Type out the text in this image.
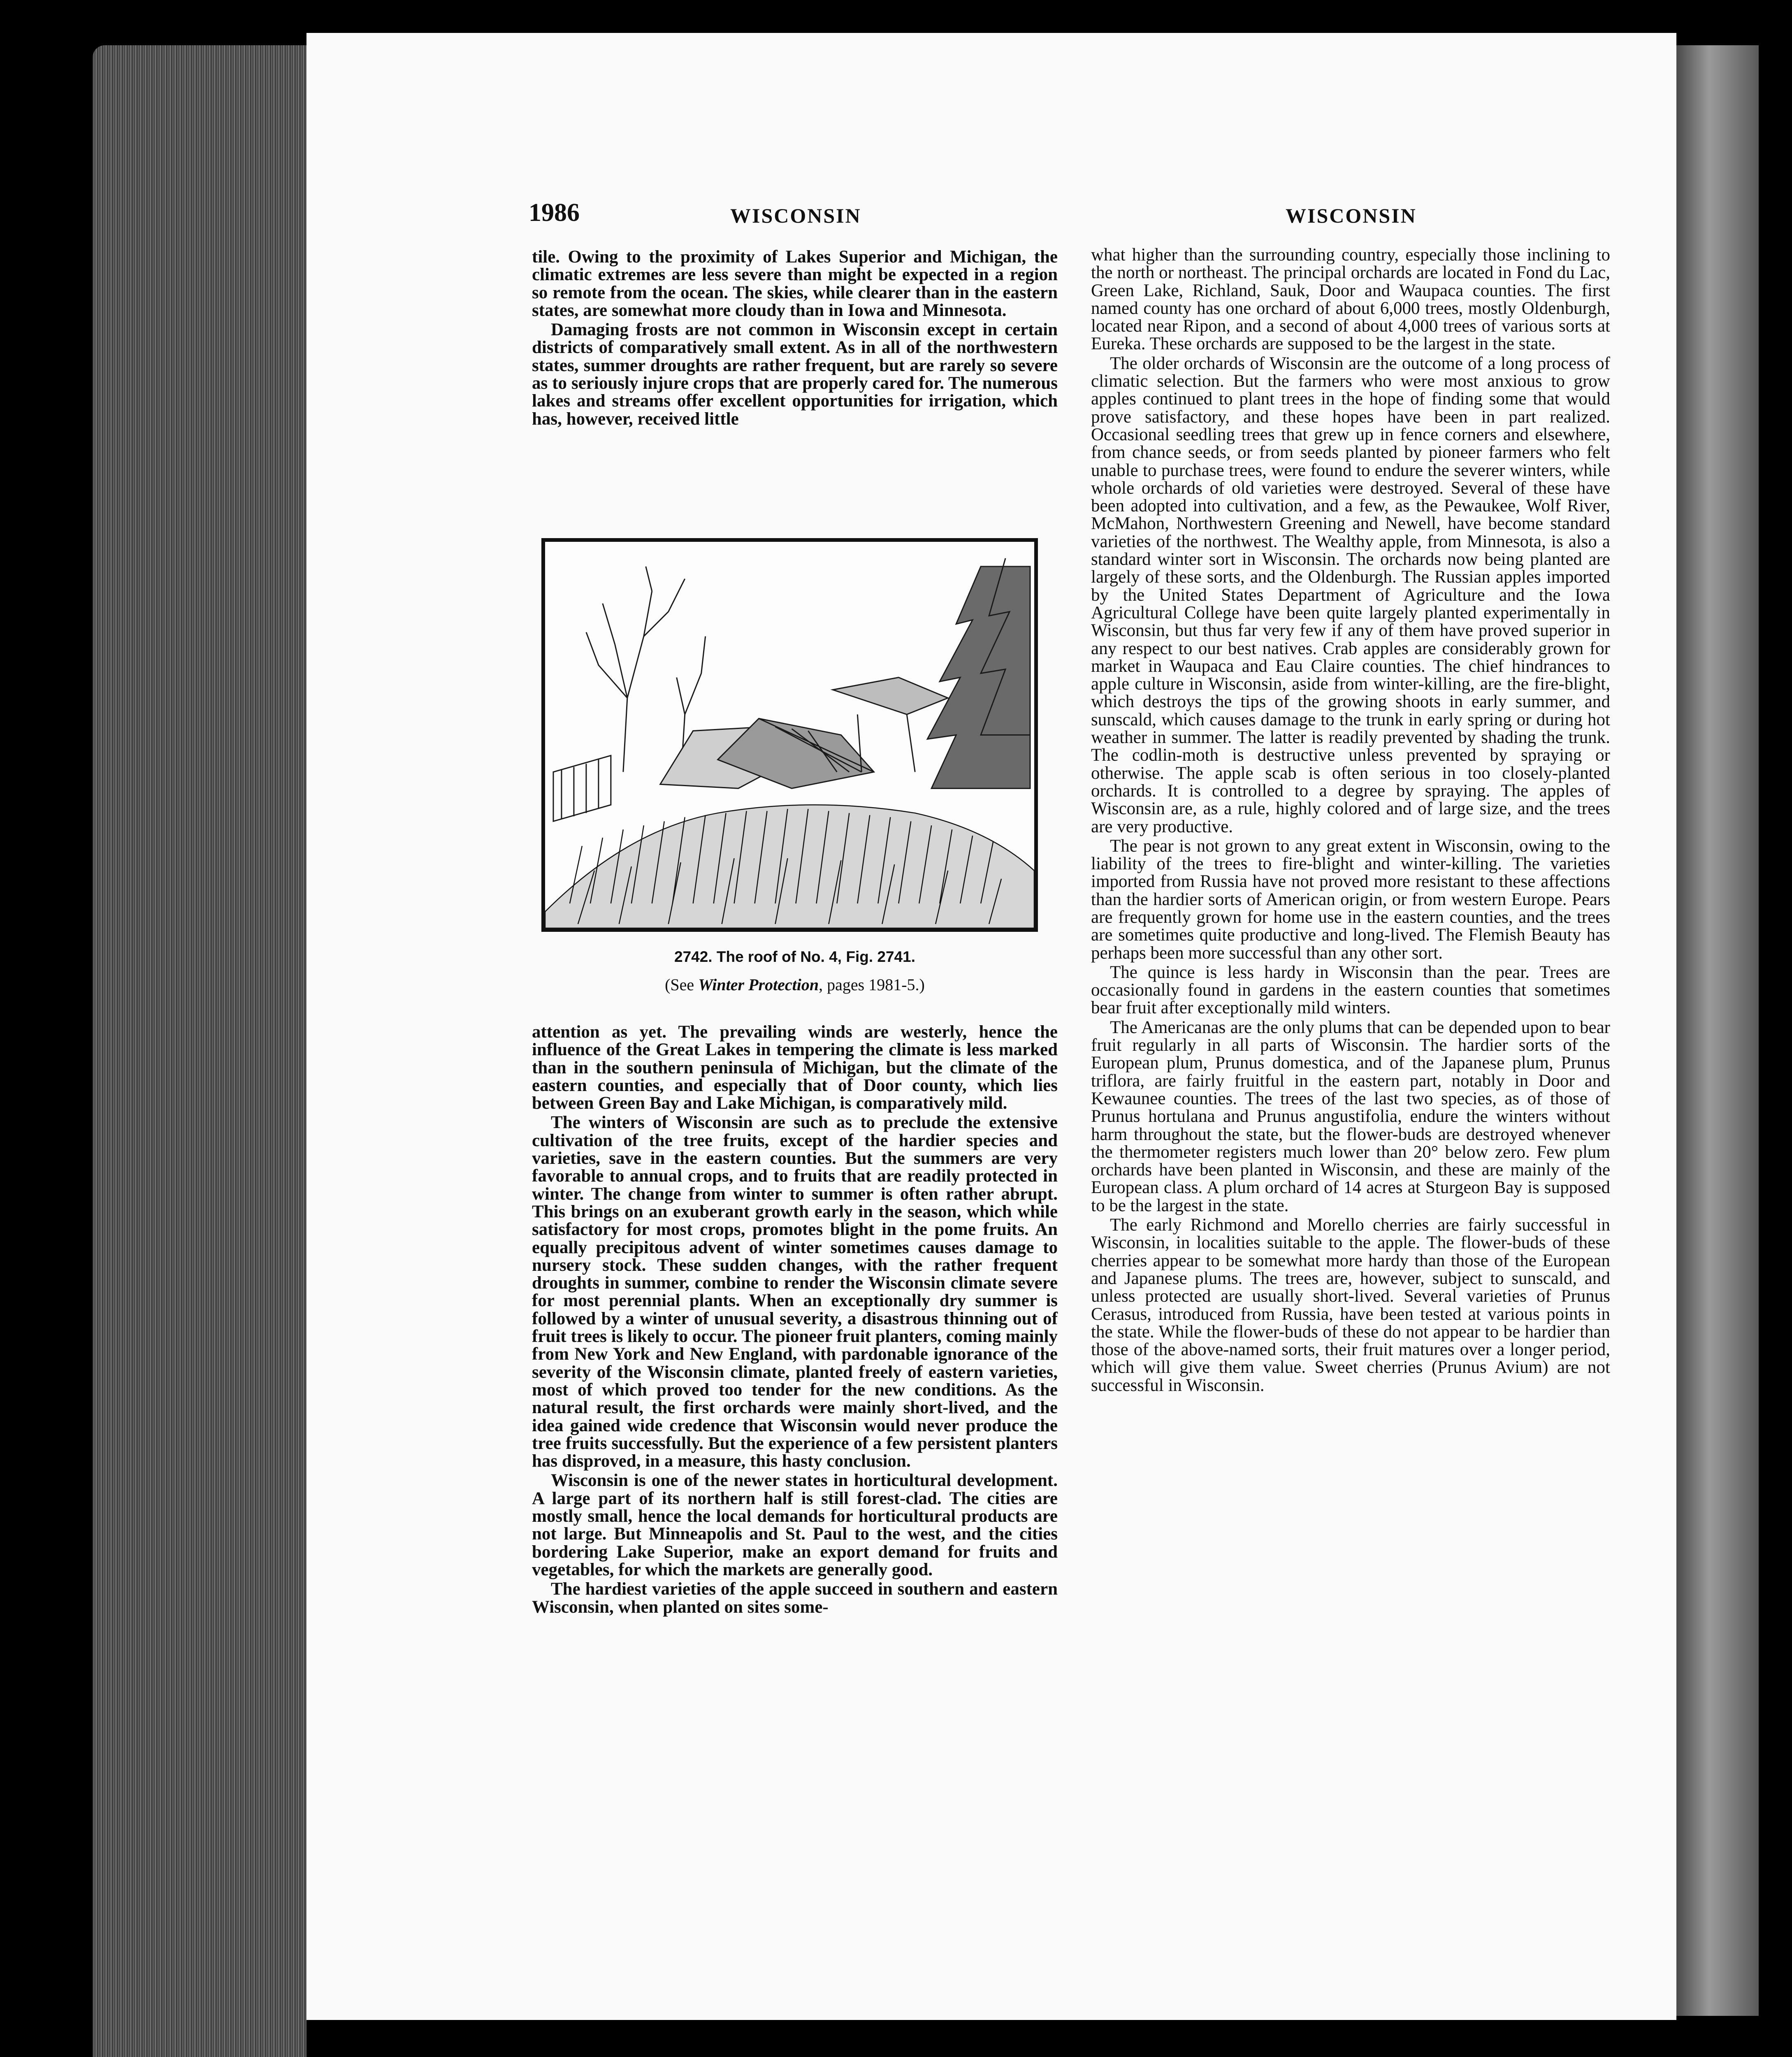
1986	WISCONSIN	WISCONSIN

tile. Owing to the proximity of Lakes Superior and Michigan, the climatic extremes are less severe than might be expected in a region so remote from the ocean. The skies, while clearer than in the eastern states, are somewhat more cloudy than in Iowa and Minnesota.

Damaging frosts are not common in Wisconsin except in certain districts of comparatively small extent. As in all of the northwestern states, summer droughts are rather frequent, but are rarely so severe as to seriously injure crops that are properly cared for. The numerous lakes and streams offer excellent opportunities for irrigation, which has, however, received little

2742. The roof of No. 4, Fig. 2741.
(See Winter Protection, pages 1981-5.)

attention as yet. The prevailing winds are westerly, hence the influence of the Great Lakes in tempering the climate is less marked than in the southern peninsula of Michigan, but the climate of the eastern counties, and especially that of Door county, which lies between Green Bay and Lake Michigan, is comparatively mild.

The winters of Wisconsin are such as to preclude the extensive cultivation of the tree fruits, except of the hardier species and varieties, save in the eastern counties. But the summers are very favorable to annual crops, and to fruits that are readily protected in winter. The change from winter to summer is often rather abrupt. This brings on an exuberant growth early in the season, which while satisfactory for most crops, promotes blight in the pome fruits. An equally precipitous advent of winter sometimes causes damage to nursery stock. These sudden changes, with the rather frequent droughts in summer, combine to render the Wisconsin climate severe for most perennial plants. When an exceptionally dry summer is followed by a winter of unusual severity, a disastrous thinning out of fruit trees is likely to occur. The pioneer fruit planters, coming mainly from New York and New England, with pardonable ignorance of the severity of the Wisconsin climate, planted freely of eastern varieties, most of which proved too tender for the new conditions. As the natural result, the first orchards were mainly short-lived, and the idea gained wide credence that Wisconsin would never produce the tree fruits successfully. But the experience of a few persistent planters has disproved, in a measure, this hasty conclusion.

Wisconsin is one of the newer states in horticultural development. A large part of its northern half is still forest-clad. The cities are mostly small, hence the local demands for horticultural products are not large. But Minneapolis and St. Paul to the west, and the cities bordering Lake Superior, make an export demand for fruits and vegetables, for which the markets are generally good.

The hardiest varieties of the apple succeed in southern and eastern Wisconsin, when planted on sites some-

what higher than the surrounding country, especially those inclining to the north or northeast. The principal orchards are located in Fond du Lac, Green Lake, Richland, Sauk, Door and Waupaca counties. The first named county has one orchard of about 6,000 trees, mostly Oldenburgh, located near Ripon, and a second of about 4,000 trees of various sorts at Eureka. These orchards are supposed to be the largest in the state.

The older orchards of Wisconsin are the outcome of a long process of climatic selection. But the farmers who were most anxious to grow apples continued to plant trees in the hope of finding some that would prove satisfactory, and these hopes have been in part realized. Occasional seedling trees that grew up in fence corners and elsewhere, from chance seeds, or from seeds planted by pioneer farmers who felt unable to purchase trees, were found to endure the severer winters, while whole orchards of old varieties were destroyed. Several of these have been adopted into cultivation, and a few, as the Pewaukee, Wolf River, McMahon, Northwestern Greening and Newell, have become standard varieties of the northwest. The Wealthy apple, from Minnesota, is also a standard winter sort in Wisconsin. The orchards now being planted are largely of these sorts, and the Oldenburgh. The Russian apples imported by the United States Department of Agriculture and the Iowa Agricultural College have been quite largely planted experimentally in Wisconsin, but thus far very few if any of them have proved superior in any respect to our best natives. Crab apples are considerably grown for market in Waupaca and Eau Claire counties. The chief hindrances to apple culture in Wisconsin, aside from winter-killing, are the fire-blight, which destroys the tips of the growing shoots in early summer, and sunscald, which causes damage to the trunk in early spring or during hot weather in summer. The latter is readily prevented by shading the trunk. The codlin-moth is destructive unless prevented by spraying or otherwise. The apple scab is often serious in too closely-planted orchards. It is controlled to a degree by spraying. The apples of Wisconsin are, as a rule, highly colored and of large size, and the trees are very productive.

The pear is not grown to any great extent in Wisconsin, owing to the liability of the trees to fire-blight and winter-killing. The varieties imported from Russia have not proved more resistant to these affections than the hardier sorts of American origin, or from western Europe. Pears are frequently grown for home use in the eastern counties, and the trees are sometimes quite productive and long-lived. The Flemish Beauty has perhaps been more successful than any other sort.

The quince is less hardy in Wisconsin than the pear. Trees are occasionally found in gardens in the eastern counties that sometimes bear fruit after exceptionally mild winters.

The Americanas are the only plums that can be depended upon to bear fruit regularly in all parts of Wisconsin. The hardier sorts of the European plum, Prunus domestica, and of the Japanese plum, Prunus triflora, are fairly fruitful in the eastern part, notably in Door and Kewaunee counties. The trees of the last two species, as of those of Prunus hortulana and Prunus angustifolia, endure the winters without harm throughout the state, but the flower-buds are destroyed whenever the thermometer registers much lower than 20° below zero. Few plum orchards have been planted in Wisconsin, and these are mainly of the European class. A plum orchard of 14 acres at Sturgeon Bay is supposed to be the largest in the state.

The early Richmond and Morello cherries are fairly successful in Wisconsin, in localities suitable to the apple. The flower-buds of these cherries appear to be somewhat more hardy than those of the European and Japanese plums. The trees are, however, subject to sunscald, and unless protected are usually short-lived. Several varieties of Prunus Cerasus, introduced from Russia, have been tested at various points in the state. While the flower-buds of these do not appear to be hardier than those of the above-named sorts, their fruit matures over a longer period, which will give them value. Sweet cherries (Prunus Avium) are not successful in Wisconsin.
